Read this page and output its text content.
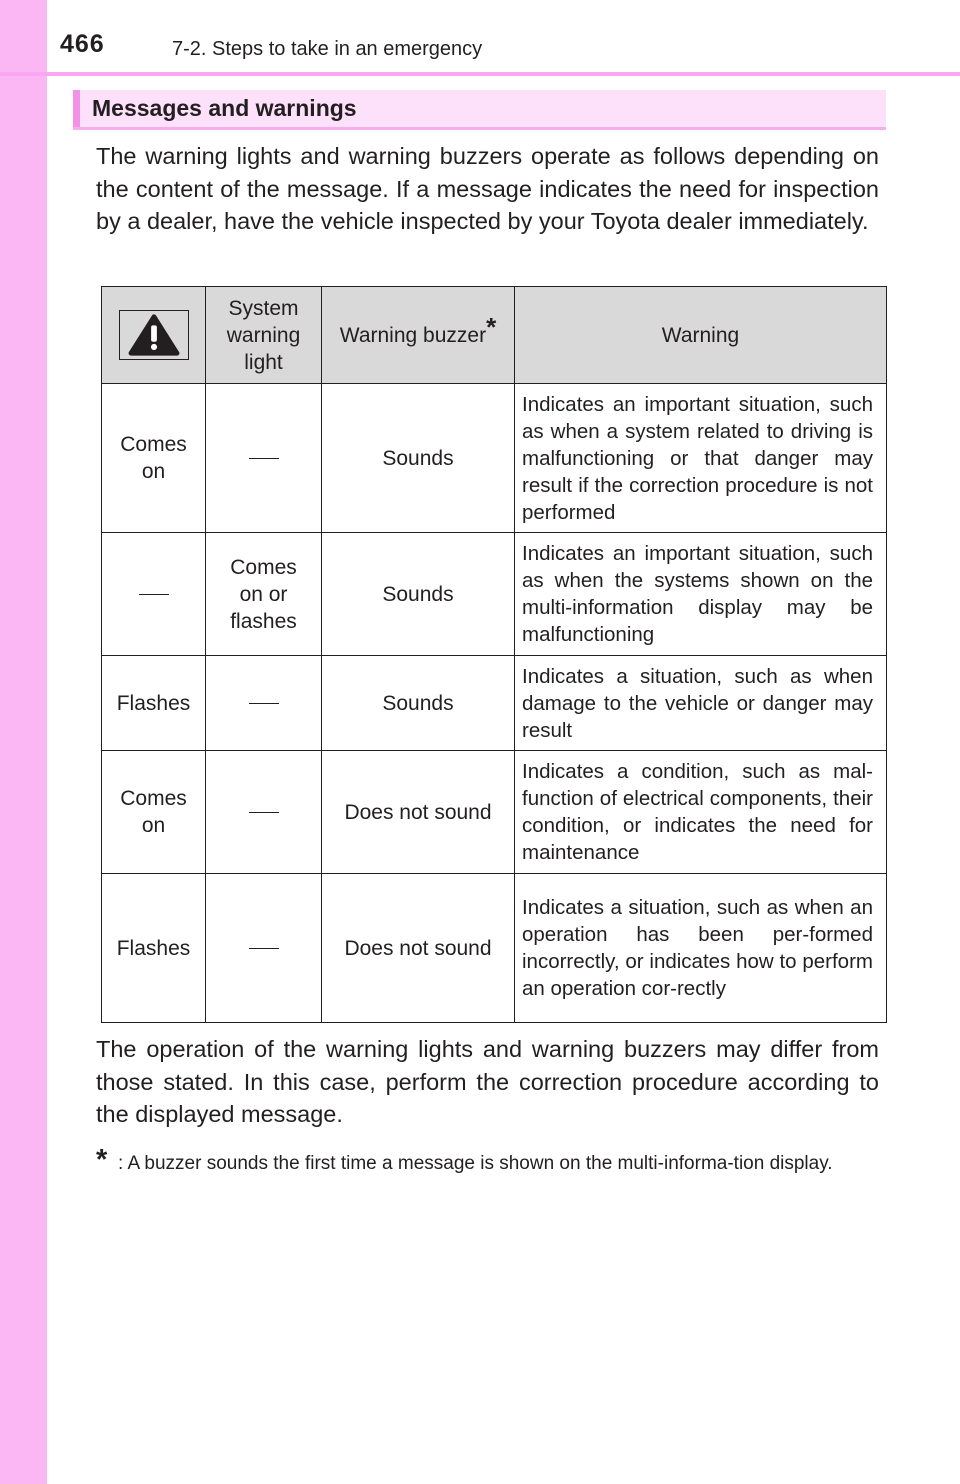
466	7-2. Steps to take in an emergency
Messages and warnings
The warning lights and warning buzzers operate as follows depending on the content of the message. If a message indicates the need for inspection by a dealer, have the vehicle inspected by your Toyota dealer immediately.
	System warning light	Warning buzzer*	Warning
Comes on		Sounds	Indicates an important situation, such as when a system related to driving is malfunctioning or that danger may result if the correction procedure is not performed
	Comes on or flashes	Sounds	Indicates an important situation, such as when the systems shown on the multi-information display may be malfunctioning
Flashes		Sounds	Indicates a situation, such as when damage to the vehicle or danger may result
Comes on		Does not sound	Indicates a condition, such as mal-function of electrical components, their condition, or indicates the need for maintenance
Flashes		Does not sound	Indicates a situation, such as when an operation has been per-formed incorrectly, or indicates how to perform an operation cor-rectly
The operation of the warning lights and warning buzzers may differ from those stated. In this case, perform the correction procedure according to the displayed message.
* : A buzzer sounds the first time a message is shown on the multi-informa-tion display.
